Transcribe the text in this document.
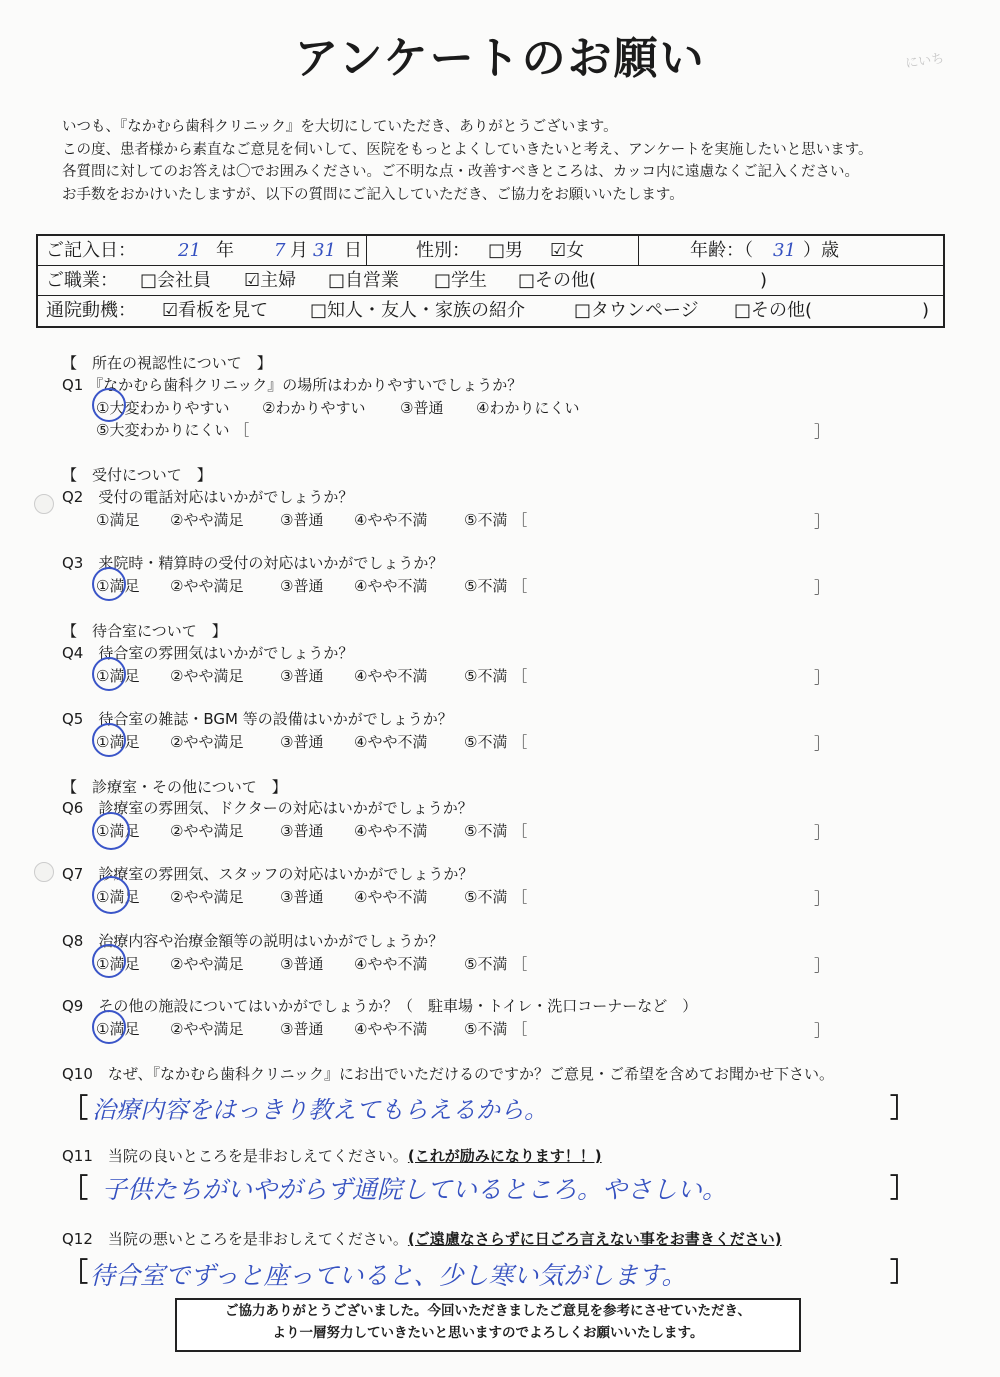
アンケートのお願い	にいち
いつも、『なかむら歯科クリニック』を大切にしていただき、ありがとうございます。
この度、患者様から素直なご意見を伺いして、医院をもっとよくしていきたいと考え、アンケートを実施したいと思います。
各質問に対してのお答えは〇でお囲みください。ご不明な点・改善すべきところは、カッコ内に遠慮なくご記入ください。
お手数をおかけいたしますが、以下の質問にご記入していただき、ご協力をお願いいたします。
ご記入日： 21 年 7 月 31 日	性別： □男 ☑女	年齢：（ 31 ）歳
ご職業： □会社員 ☑主婦 □自営業 □学生 □その他(	)
通院動機： ☑看板を見て □知人・友人・家族の紹介	□タウンページ □その他(	)
【　所在の視認性について　】
Q1 『なかむら歯科クリニック』の場所はわかりやすいでしょうか？
①大変わかりやすい ②わかりやすい ③普通 ④わかりにくい
⑤大変わかりにくい ［	］
【　受付について　】
Q2　受付の電話対応はいかがでしょうか？
①満足 ②やや満足 ③普通 ④やや不満 ⑤不満 ［	］
Q3　来院時・精算時の受付の対応はいかがでしょうか？
①満足 ②やや満足 ③普通 ④やや不満 ⑤不満 ［	］
【　待合室について　】
Q4　待合室の雰囲気はいかがでしょうか？
①満足 ②やや満足 ③普通 ④やや不満 ⑤不満 ［	］
Q5　待合室の雑誌・BGM 等の設備はいかがでしょうか？
①満足 ②やや満足 ③普通 ④やや不満 ⑤不満 ［	］
【　診療室・その他について　】
Q6　診療室の雰囲気、ドクターの対応はいかがでしょうか？
①満足 ②やや満足 ③普通 ④やや不満 ⑤不満 ［	］
Q7　診療室の雰囲気、スタッフの対応はいかがでしょうか？
①満足 ②やや満足 ③普通 ④やや不満 ⑤不満 ［	］
Q8　治療内容や治療金額等の説明はいかがでしょうか？
①満足 ②やや満足 ③普通 ④やや不満 ⑤不満 ［	］
Q9　その他の施設についてはいかがでしょうか？（　駐車場・トイレ・洗口コーナーなど　）
①満足 ②やや満足 ③普通 ④やや不満 ⑤不満 ［	］
Q10　なぜ、『なかむら歯科クリニック』にお出でいただけるのですか？ご意見・ご希望を含めてお聞かせ下さい。
［ 治療内容をはっきり教えてもらえるから。	］
Q11　当院の良いところを是非おしえてください。(これが励みになります！！)
［ 子供たちがいやがらず通院しているところ。やさしい。	］
Q12　当院の悪いところを是非おしえてください。(ご遠慮なさらずに日ごろ言えない事をお書きください)
［ 待合室でずっと座っていると、少し寒い気がします。	］
ご協力ありがとうございました。今回いただきましたご意見を参考にさせていただき、
より一層努力していきたいと思いますのでよろしくお願いいたします。
